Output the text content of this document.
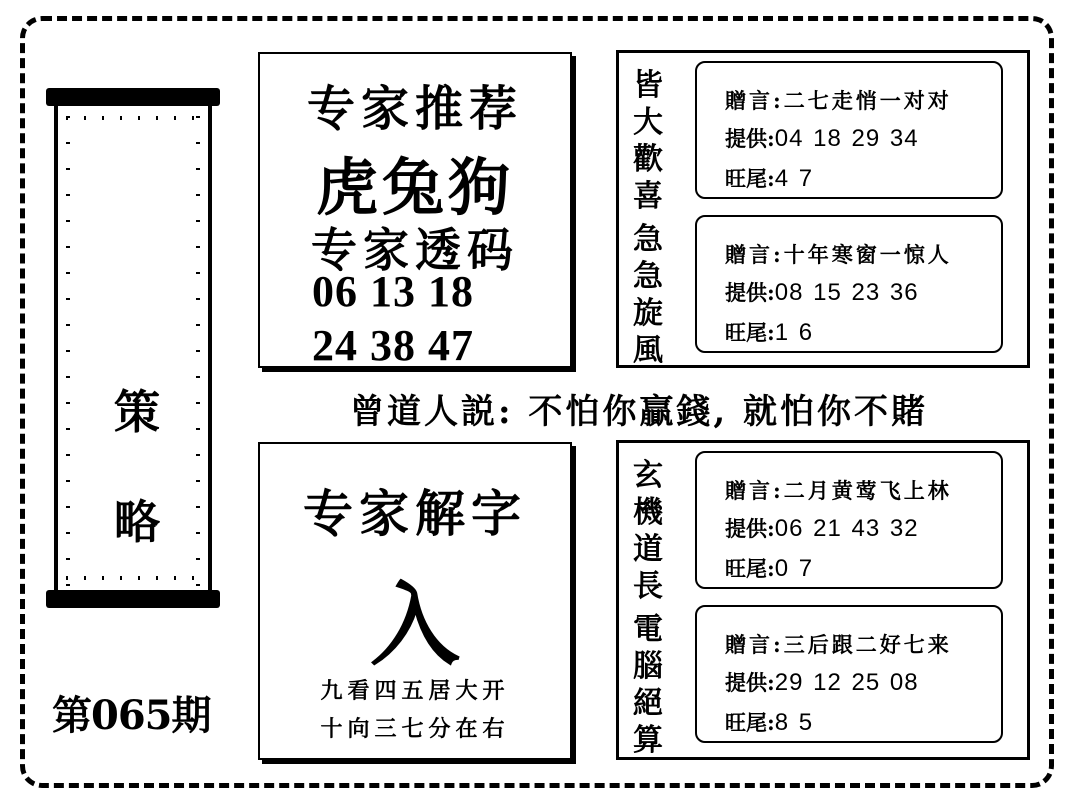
策
略
第065期
专家推荐
虎兔狗
专家透码
06 13 18
24 38 47
曾道人説: 不怕你贏錢, 就怕你不賭
专家解字
入
九看四五居大开
十向三七分在右
皆
大
歡
喜
急
急
旋
風
贈言:二七走悄一对对
提供:04 18 29 34
旺尾:4 7
贈言:十年寒窗一惊人
提供:08 15 23 36
旺尾:1 6
玄
機
道
長
電
腦
絕
算
贈言:二月黄莺飞上林
提供:06 21 43 32
旺尾:0 7
贈言:三后跟二好七来
提供:29 12 25 08
旺尾:8 5
